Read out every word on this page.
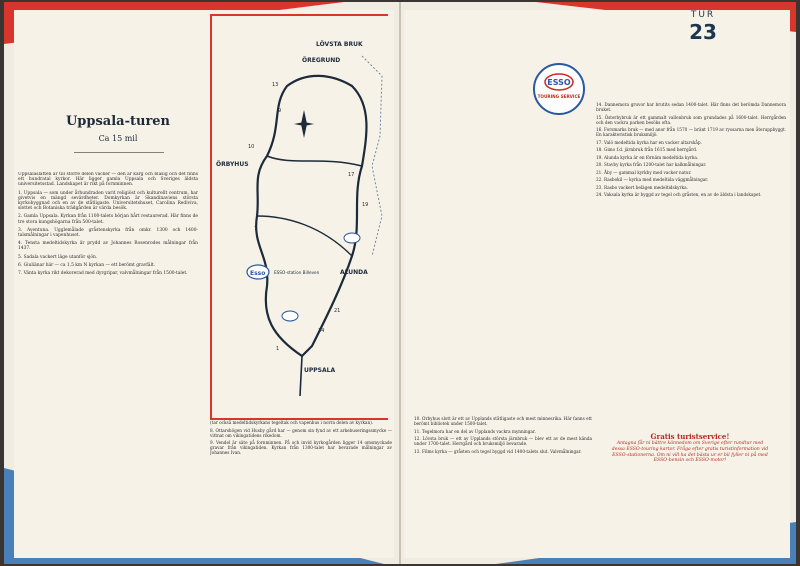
Uppsala-turen
Ca 15 mil

Uppsalaslätten är till större delen vacker — den är karg och blåsig och det finns ett hundratal kyrkor. Här ligger gamla Uppsala och Sveriges äldsta universitetsstad. Landskapet är rikt på fornminnen.

1. Uppsala — som under århundraden varit religiöst och kulturellt centrum, har givetvis en mängd sevärdheter. Domkyrkan är Skandinaviens största kyrkobyggnad och en av de ståtligaste. Universitetshuset, Carolina Rediviva, slottet och Botaniska trädgården är värda besök.

2. Gamla Uppsala. Kyrkan från 1100-talets början hårt restaurerad. Här finns de tre stora kungshögarna från 500-talet.

3. Aventuna. Ugglemålade gråstenskyrka från omkr. 1300 och 1400-talsmålningar i vapenhuset.

4. Tensta medeltidskyrka är prydd av Johannes Rosenrodes målningar från 1437.

5. Sadala vackert läge utanför sjön.

6. Giuliänar här — ca 1,5 km N kyrkan — ett berömt gravfält.

7. Vänta kyrka rikt dekorerad med dyrgripar, valvmålningar från 1500-talet.

LÖVSTA BRUK
ÖREGRUND
ÖRBYHUS
ALUNDA
UPPSALA
13
9
10
7
1
17
19
21
24
Esso ESSO-station Billeven

(tar också medeltidskyrkans tegeltak och vapenhus i norra delen av kyrkan).

8. Ottarshögen vid Husby gård har — genom sin fynd av ett arkebuseringssmycke — vittnat om vikingatidens rikedom.

9. Vendel är säte på fornminnen. På och invid kyrkogården ligger 14 omsmyckade gravar från vikingatiden. Kyrkan från 1300-talet har bevarade målningar av Johannes Ivan.

TUR
23
ESSO
TOURING SERVICE

10. Örbyhus slott är ett av Upplands ståtligaste och mest minnesrika. Här fanns ett berömt bibliotek under 1500-talet.

11. Tegelmora har en del av Upplands vackra mynningar.

12. Lövsta bruk — ett av Upplands största järnbruk — blev ett av de mest kända under 1700-talet. Herrgård och bruksmiljö bevarade.

13. Films kyrka — gråsten och tegel byggd vid 1400-talets slut. Valvmålningar.

14. Dannemora gruvor har brutits sedan 1400-talet. Här finns det berömda Dannemora bruket.

15. Österbybruk är ett gammalt vallonbruk som grundades på 1600-talet. Herrgården och den vackra parken besöks ofta.

16. Forsmarks bruk — med anor från 1570 — bränt 1719 av ryssarna men återuppbyggt. En karakteristisk bruksmiljö.

17. Valö medeltida kyrka har en vacker altarskåp.

18. Gimo f.d. järnbruk från 1615 med herrgård.

19. Alunda kyrka är en förnäm medeltida kyrka.

20. Stavby kyrka från 1200-talet har kalkmålningar.

21. Åby — gammal kyrkby med vacker natur.

22. Rasbokil — kyrka med medeltida väggmålningar.

23. Rasbo vackert belägen medeltidskyrka.

24. Vaksala kyrka är byggd av tegel och gråsten, en av de äldsta i landskapet.

Gratis turistservice!
Antagna får ni bättre kännedom om Sverige efter rundtur med dessa ESSO-touring kartor. Fråga efter gratis turistinformation vid ESSO-stationerna. Om ni vill ha det bästa ur er bil fyller ni på med ESSO-bensin och ESSO-motor!
